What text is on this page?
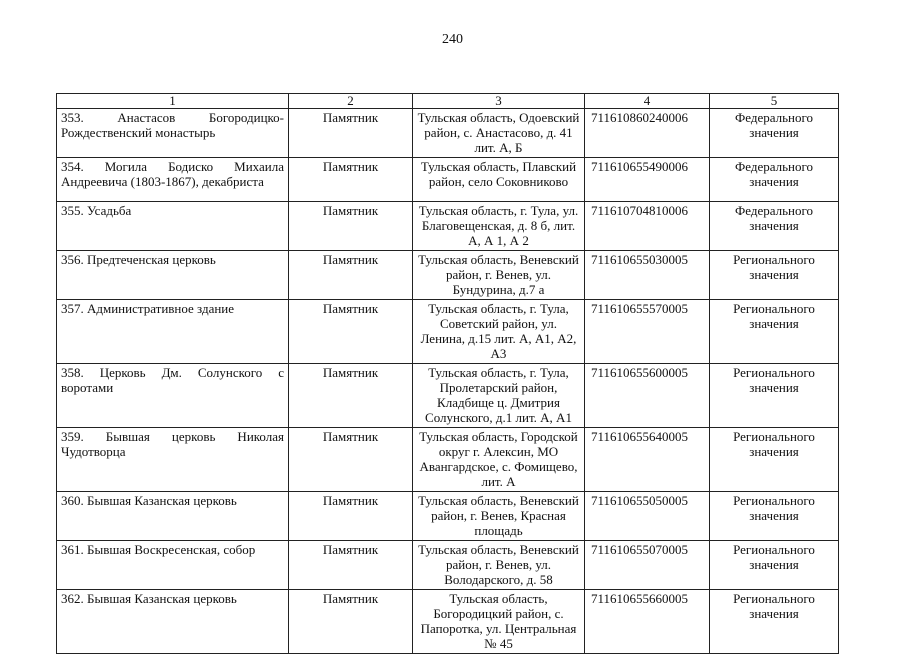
240
1	2	3	4	5
353. Анастасов Богородицко-Рождественский монастырь	Памятник	Тульская область, Одоевский район, с. Анастасово, д. 41 лит. А, Б	711610860240006	Федерального значения
354. Могила Бодиско Михаила Андреевича (1803-1867), декабриста	Памятник	Тульская область, Плавский район, село Соковниково	711610655490006	Федерального значения
355. Усадьба	Памятник	Тульская область, г. Тула, ул. Благовещенская, д. 8 б, лит. А, А 1, А 2	711610704810006	Федерального значения
356. Предтеченская церковь	Памятник	Тульская область, Веневский район, г. Венев, ул. Бундурина, д.7 а	711610655030005	Регионального значения
357. Административное здание	Памятник	Тульская область, г. Тула, Советский район, ул. Ленина, д.15 лит. А, А1, А2, А3	711610655570005	Регионального значения
358. Церковь Дм. Солунского с воротами	Памятник	Тульская область, г. Тула, Пролетарский район, Кладбище ц. Дмитрия Солунского, д.1 лит. А, А1	711610655600005	Регионального значения
359. Бывшая церковь Николая Чудотворца	Памятник	Тульская область, Городской округ г. Алексин, МО Авангардское, с. Фомищево, лит. А	711610655640005	Регионального значения
360. Бывшая Казанская церковь	Памятник	Тульская область, Веневский район, г. Венев, Красная площадь	711610655050005	Регионального значения
361. Бывшая Воскресенская, собор	Памятник	Тульская область, Веневский район, г. Венев, ул. Володарского, д. 58	711610655070005	Регионального значения
362. Бывшая Казанская церковь	Памятник	Тульская область, Богородицкий район, с. Папоротка, ул. Центральная № 45	711610655660005	Регионального значения
